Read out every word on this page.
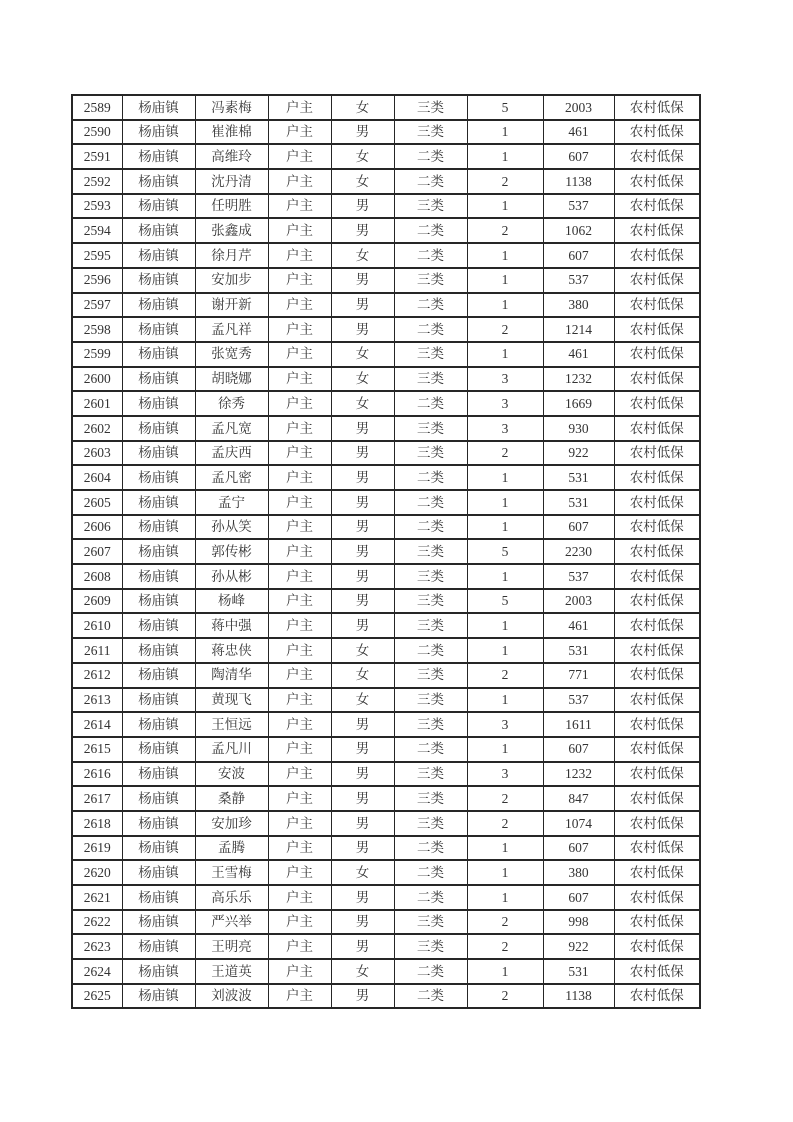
2589	杨庙镇	冯素梅	户主	女	三类	5	2003	农村低保
2590	杨庙镇	崔淮棉	户主	男	三类	1	461	农村低保
2591	杨庙镇	高维玲	户主	女	二类	1	607	农村低保
2592	杨庙镇	沈丹清	户主	女	二类	2	1138	农村低保
2593	杨庙镇	任明胜	户主	男	三类	1	537	农村低保
2594	杨庙镇	张鑫成	户主	男	二类	2	1062	农村低保
2595	杨庙镇	徐月芹	户主	女	二类	1	607	农村低保
2596	杨庙镇	安加步	户主	男	三类	1	537	农村低保
2597	杨庙镇	谢开新	户主	男	二类	1	380	农村低保
2598	杨庙镇	孟凡祥	户主	男	二类	2	1214	农村低保
2599	杨庙镇	张宽秀	户主	女	三类	1	461	农村低保
2600	杨庙镇	胡晓娜	户主	女	三类	3	1232	农村低保
2601	杨庙镇	徐秀	户主	女	二类	3	1669	农村低保
2602	杨庙镇	孟凡宽	户主	男	三类	3	930	农村低保
2603	杨庙镇	孟庆西	户主	男	三类	2	922	农村低保
2604	杨庙镇	孟凡密	户主	男	二类	1	531	农村低保
2605	杨庙镇	孟宁	户主	男	二类	1	531	农村低保
2606	杨庙镇	孙从笑	户主	男	二类	1	607	农村低保
2607	杨庙镇	郭传彬	户主	男	三类	5	2230	农村低保
2608	杨庙镇	孙从彬	户主	男	三类	1	537	农村低保
2609	杨庙镇	杨峰	户主	男	三类	5	2003	农村低保
2610	杨庙镇	蒋中强	户主	男	三类	1	461	农村低保
2611	杨庙镇	蒋忠侠	户主	女	二类	1	531	农村低保
2612	杨庙镇	陶清华	户主	女	三类	2	771	农村低保
2613	杨庙镇	黄现飞	户主	女	三类	1	537	农村低保
2614	杨庙镇	王恒远	户主	男	三类	3	1611	农村低保
2615	杨庙镇	孟凡川	户主	男	二类	1	607	农村低保
2616	杨庙镇	安波	户主	男	三类	3	1232	农村低保
2617	杨庙镇	桑静	户主	男	三类	2	847	农村低保
2618	杨庙镇	安加珍	户主	男	三类	2	1074	农村低保
2619	杨庙镇	孟腾	户主	男	二类	1	607	农村低保
2620	杨庙镇	王雪梅	户主	女	二类	1	380	农村低保
2621	杨庙镇	高乐乐	户主	男	二类	1	607	农村低保
2622	杨庙镇	严兴举	户主	男	三类	2	998	农村低保
2623	杨庙镇	王明亮	户主	男	三类	2	922	农村低保
2624	杨庙镇	王道英	户主	女	二类	1	531	农村低保
2625	杨庙镇	刘波波	户主	男	二类	2	1138	农村低保
